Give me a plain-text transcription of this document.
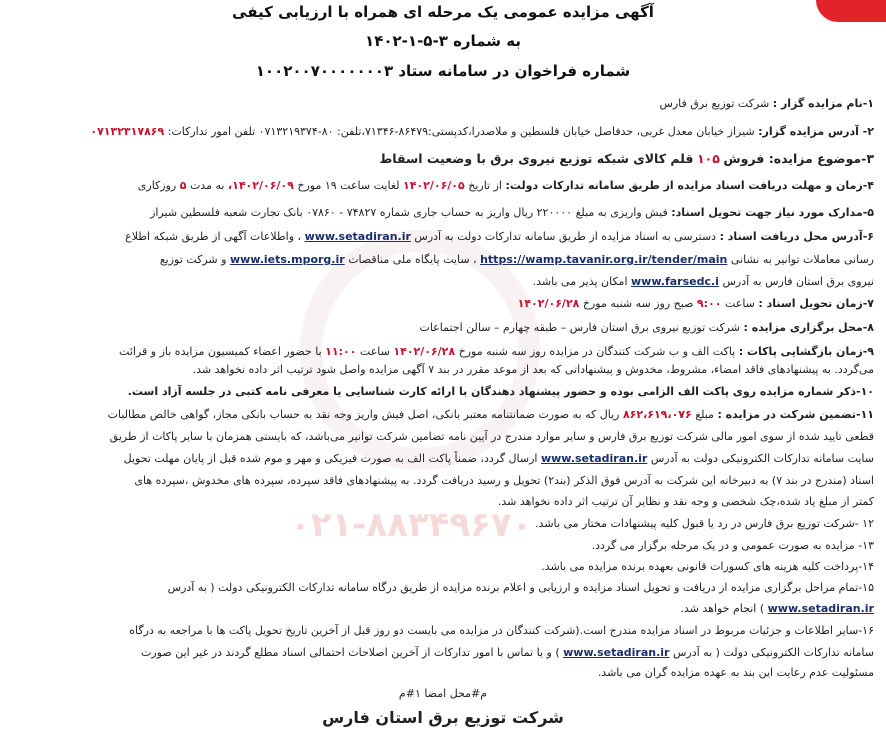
۰۲۱-۸۸۳۴۹۶۷۰
آگهی مزایده عمومی یک مرحله ای همراه با ارزیابی کیفی
به شماره ۳-۵-۱-۱۴۰۲
شماره فراخوان در سامانه ستاد ۱۰۰۲۰۰۷۰۰۰۰۰۰۰۳
۱-نام مزایده گزار : شرکت توزیع برق فارس
۲- آدرس مزایده گزار: شیراز خیابان معدل غربی، حدفاصل خیابان فلسطین و ملاصدرا،کدپستی:۸۶۴۷۹-۷۱۳۴۶،تلفن: ۸۰-۰۷۱۳۲۱۹۳۷۴ تلفن امور تدارکات: ۰۷۱۳۲۳۱۷۸۶۹
۳-موضوع مزایده: فروش ۱۰۵ قلم کالای شبکه توزیع نیروی برق با وضعیت اسقاط
۴-زمان و مهلت دریافت اسناد مزایده از طریق سامانه تدارکات دولت: از تاریخ ۱۴۰۲/۰۶/۰۵ لغایت ساعت ۱۹ مورخ ۱۴۰۲/۰۶/۰۹، به مدت ۵ روزکاری
۵-مدارک مورد نیاز جهت تحویل اسناد: فیش واریزی به مبلغ ۲۲۰۰۰۰ ریال واریز به حساب جاری شماره ۷۴۸۲۷ - ۰۷۸۶۰ بانک تجارت شعبه فلسطین شیراز
۶-آدرس محل دریافت اسناد : دسترسی به اسناد مزایده از طریق سامانه تدارکات دولت به آدرس www.setadiran.ir ، واطلاعات آگهی از طریق شبکه اطلاع
رسانی معاملات توانیر به نشانی https://wamp.tavanir.org.ir/tender/main ، سایت پایگاه ملی مناقصات www.iets.mporg.ir و شرکت توزیع
نیروی برق استان فارس به آدرس www.farsedc.i امکان پذیر می باشد.
۷-زمان تحویل اسناد : ساعت ۹:۰۰ صبح روز سه شنبه مورخ ۱۴۰۲/۰۶/۲۸
۸-محل برگزاری مزایده : شرکت توزیع نیروی برق استان فارس – طبقه چهارم – سالن اجتماعات
۹-زمان بازگشایی پاکات : پاکت الف و ب شرکت کنندگان در مزایده روز سه شنبه مورخ ۱۴۰۲/۰۶/۲۸ ساعت ۱۱:۰۰ با حضور اعضاء کمیسیون مزایده باز و قرائت
می‌گردد. به پیشنهادهای فاقد امضاء، مشروط، مخدوش و پیشنهاداتی که بعد از موعد مقرر در بند ۷ آگهی مزایده واصل شود ترتیب اثر داده نخواهد شد.
۱۰-ذکر شماره مزایده روی پاکت الف الزامی بوده و حضور پیشنهاد دهندگان با ارائه کارت شناسایی یا معرفی نامه کتبی در جلسه آزاد است.
۱۱-تضمین شرکت در مزایده : مبلغ ۸۶۲،۶۱۹،۰۷۶ ریال که به صورت ضمانتنامه معتبر بانکی، اصل فیش واریز وجه نقد به حساب بانکی مجاز، گواهی خالص مطالبات
قطعی تایید شده از سوی امور مالی شرکت توزیع برق فارس و سایر موارد مندرج در آیین نامه تضامین شرکت توانیر می‌باشد، که بایستی همزمان با سایر پاکات از طریق
سایت سامانه تدارکات الکترونیکی دولت به آدرس www.setadiran.ir ارسال گردد، ضمناً پاکت الف به صورت فیزیکی و مهر و موم شده قبل از پایان مهلت تحویل
اسناد (مندرج در بند ۷) به دبیرخانه این شرکت به آدرس فوق الذکر (بند۲) تحویل و رسید دریافت گردد. به پیشنهادهای فاقد سپرده، سپرده های مخدوش ،سپرده های
کمتر از مبلغ یاد شده،چک شخصی و وجه نقد و نظایر آن ترتیب اثر داده نخواهد شد.
۱۲ -شرکت توزیع برق فارس در رد یا قبول کلیه پیشنهادات مختار می باشد.
۱۳- مزایده به صورت عمومی و در یک مرحله برگزار می گردد.
۱۴-پرداخت کلیه هزینه های کسورات قانونی بعهده برنده مزایده می باشد.
۱۵-تمام مراحل برگزاری مزایده از دریافت و تحویل اسناد مزایده و ارزیابی و اعلام برنده مزایده از طریق درگاه سامانه تدارکات الکترونیکی دولت ( به آدرس
www.setadiran.ir ) انجام خواهد شد.
۱۶-سایر اطلاعات و جزئیات مربوط در اسناد مزایده مندرج است.(شرکت کنندگان در مزایده می بایست دو روز قبل از آخرین تاریخ تحویل پاکت ها با مراجعه به درگاه
سامانه تدارکات الکترونیکی دولت ( به آدرس www.setadiran.ir ) و یا تماس با امور تدارکات از آخرین اصلاحات احتمالی اسناد مطلع گردند در غیر این صورت
مسئولیت عدم رعایت این بند به عهده مزایده گران می باشد.
م#محل امضا ۱#م
شرکت توزیع برق استان فارس
